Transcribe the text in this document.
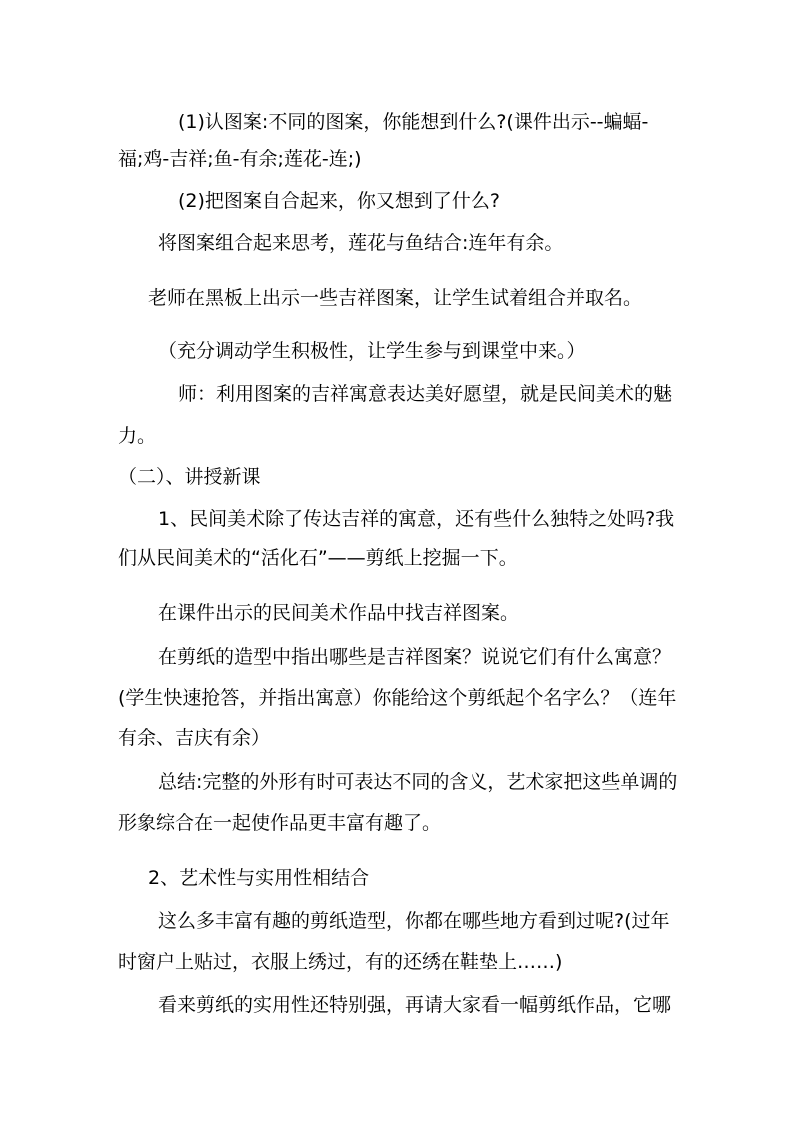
(1)认图案:不同的图案，你能想到什么?(课件出示--蝙蝠-
福;鸡-吉祥;鱼-有余;莲花-连;)
(2)把图案自合起来，你又想到了什么?
将图案组合起来思考，莲花与鱼结合:连年有余。
老师在黑板上出示一些吉祥图案，让学生试着组合并取名。
（充分调动学生积极性，让学生参与到课堂中来。）
师：利用图案的吉祥寓意表达美好愿望，就是民间美术的魅
力。
（二）、讲授新课
1、民间美术除了传达吉祥的寓意，还有些什么独特之处吗?我
们从民间美术的“活化石”——剪纸上挖掘一下。
在课件出示的民间美术作品中找吉祥图案。
在剪纸的造型中指出哪些是吉祥图案？说说它们有什么寓意？
(学生快速抢答，并指出寓意）你能给这个剪纸起个名字么？（连年
有余、吉庆有余）
总结:完整的外形有时可表达不同的含义，艺术家把这些单调的
形象综合在一起使作品更丰富有趣了。
2、艺术性与实用性相结合
这么多丰富有趣的剪纸造型，你都在哪些地方看到过呢?(过年
时窗户上贴过，衣服上绣过，有的还绣在鞋垫上……)
看来剪纸的实用性还特别强，再请大家看一幅剪纸作品，它哪
